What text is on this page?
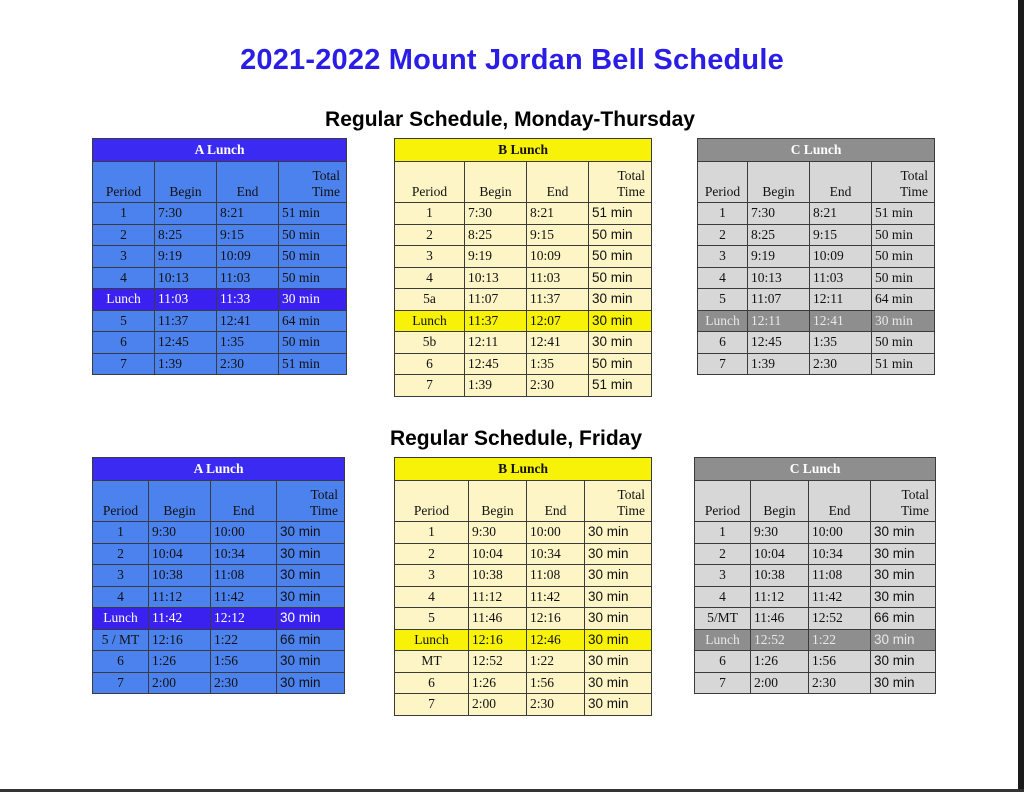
2021-2022 Mount Jordan Bell Schedule
Regular Schedule, Monday-Thursday
Regular Schedule, Friday
A Lunch			
Period	Begin	End	Total
Time
1	7:30	8:21	51 min
2	8:25	9:15	50 min
3	9:19	10:09	50 min
4	10:13	11:03	50 min
Lunch	11:03	11:33	30 min
5	11:37	12:41	64 min
6	12:45	1:35	50 min
7	1:39	2:30	51 min
B Lunch			
Period	Begin	End	Total
Time
1	7:30	8:21	51 min
2	8:25	9:15	50 min
3	9:19	10:09	50 min
4	10:13	11:03	50 min
5a	11:07	11:37	30 min
Lunch	11:37	12:07	30 min
5b	12:11	12:41	30 min
6	12:45	1:35	50 min
7	1:39	2:30	51 min
C Lunch			
Period	Begin	End	Total
Time
1	7:30	8:21	51 min
2	8:25	9:15	50 min
3	9:19	10:09	50 min
4	10:13	11:03	50 min
5	11:07	12:11	64 min
Lunch	12:11	12:41	30 min
6	12:45	1:35	50 min
7	1:39	2:30	51 min
A Lunch			
Period	Begin	End	Total
Time
1	9:30	10:00	30 min
2	10:04	10:34	30 min
3	10:38	11:08	30 min
4	11:12	11:42	30 min
Lunch	11:42	12:12	30 min
5 / MT	12:16	1:22	66 min
6	1:26	1:56	30 min
7	2:00	2:30	30 min
B Lunch			
Period	Begin	End	Total
Time
1	9:30	10:00	30 min
2	10:04	10:34	30 min
3	10:38	11:08	30 min
4	11:12	11:42	30 min
5	11:46	12:16	30 min
Lunch	12:16	12:46	30 min
MT	12:52	1:22	30 min
6	1:26	1:56	30 min
7	2:00	2:30	30 min
C Lunch			
Period	Begin	End	Total
Time
1	9:30	10:00	30 min
2	10:04	10:34	30 min
3	10:38	11:08	30 min
4	11:12	11:42	30 min
5/MT	11:46	12:52	66 min
Lunch	12:52	1:22	30 min
6	1:26	1:56	30 min
7	2:00	2:30	30 min
